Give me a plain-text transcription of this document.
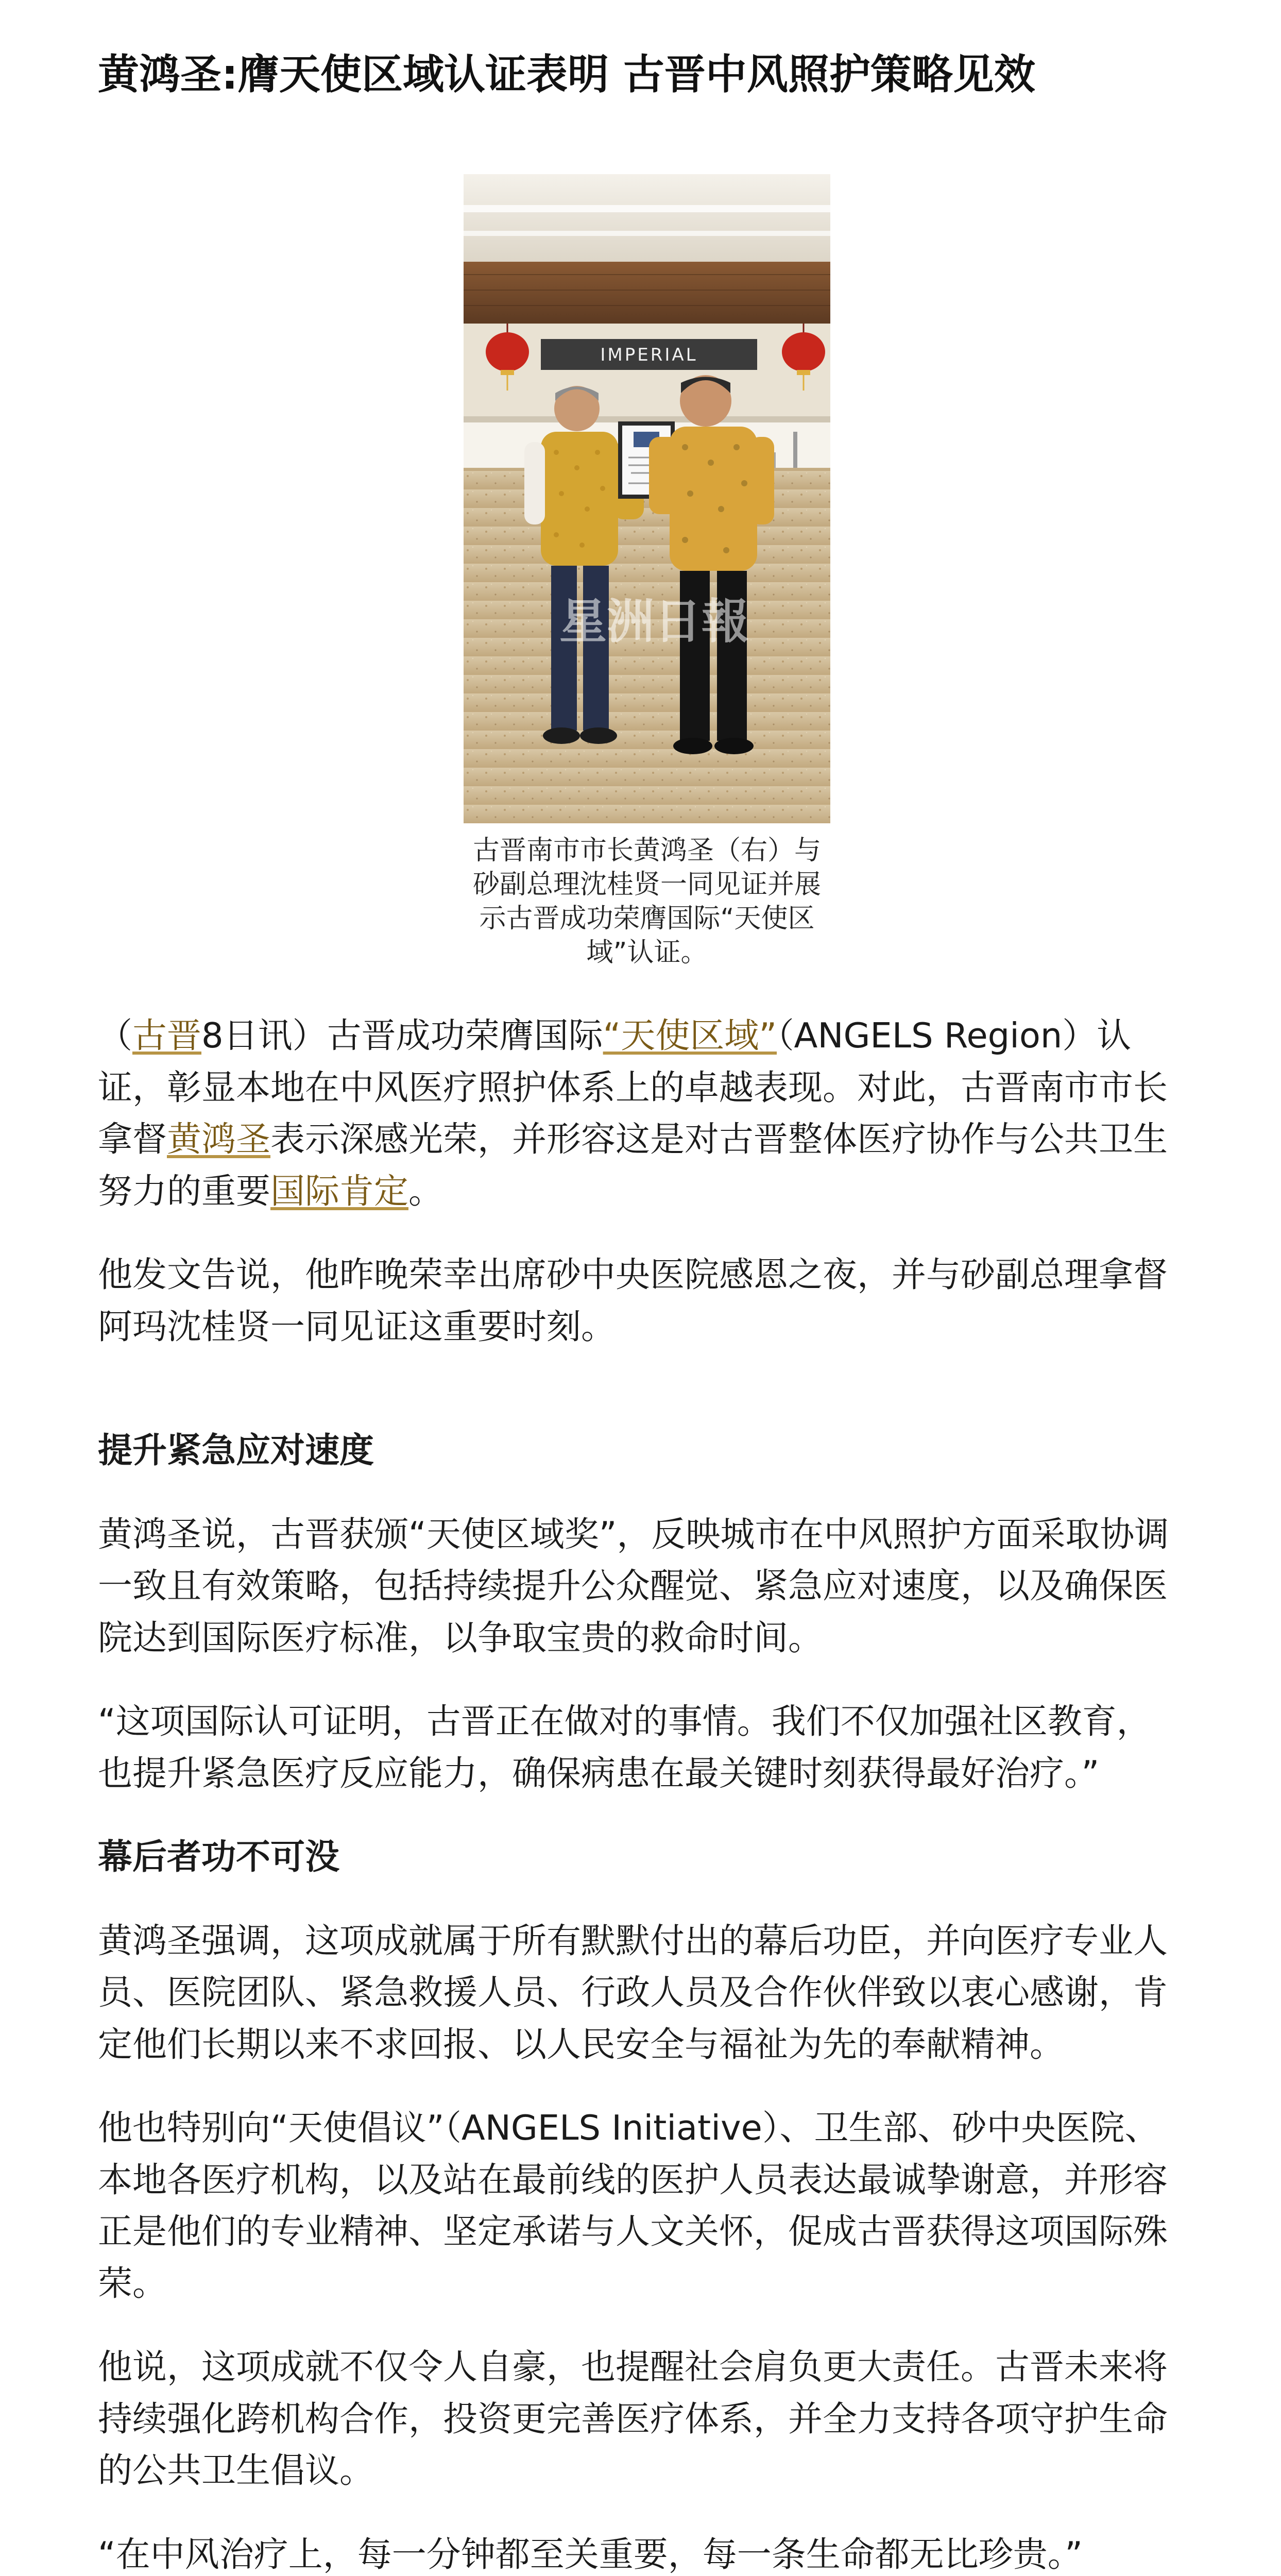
黄鸿圣:膺天使区域认证表明 古晋中风照护策略见效
IMPERIAL
星洲日報
古晋南市市长黄鸿圣（右）与砂副总理沈桂贤一同见证并展示古晋成功荣膺国际“天使区域”认证。

（古晋8日讯）古晋成功荣膺国际“天使区域”（ANGELS Region）认证，彰显本地在中风医疗照护体系上的卓越表现。对此，古晋南市市长拿督黄鸿圣表示深感光荣，并形容这是对古晋整体医疗协作与公共卫生努力的重要国际肯定。

他发文告说，他昨晚荣幸出席砂中央医院感恩之夜，并与砂副总理拿督阿玛沈桂贤一同见证这重要时刻。

提升紧急应对速度

黄鸿圣说，古晋获颁“天使区域奖”，反映城市在中风照护方面采取协调一致且有效策略，包括持续提升公众醒觉、紧急应对速度，以及确保医院达到国际医疗标准，以争取宝贵的救命时间。

“这项国际认可证明，古晋正在做对的事情。我们不仅加强社区教育，也提升紧急医疗反应能力，确保病患在最关键时刻获得最好治疗。”

幕后者功不可没

黄鸿圣强调，这项成就属于所有默默付出的幕后功臣，并向医疗专业人员、医院团队、紧急救援人员、行政人员及合作伙伴致以衷心感谢，肯定他们长期以来不求回报、以人民安全与福祉为先的奉献精神。

他也特别向“天使倡议”（ANGELS Initiative）、卫生部、砂中央医院、本地各医疗机构，以及站在最前线的医护人员表达最诚挚谢意，并形容正是他们的专业精神、坚定承诺与人文关怀，促成古晋获得这项国际殊荣。

他说，这项成就不仅令人自豪，也提醒社会肩负更大责任。古晋未来将持续强化跨机构合作，投资更完善医疗体系，并全力支持各项守护生命的公共卫生倡议。

“在中风治疗上，每一分钟都至关重要，每一条生命都无比珍贵。”
